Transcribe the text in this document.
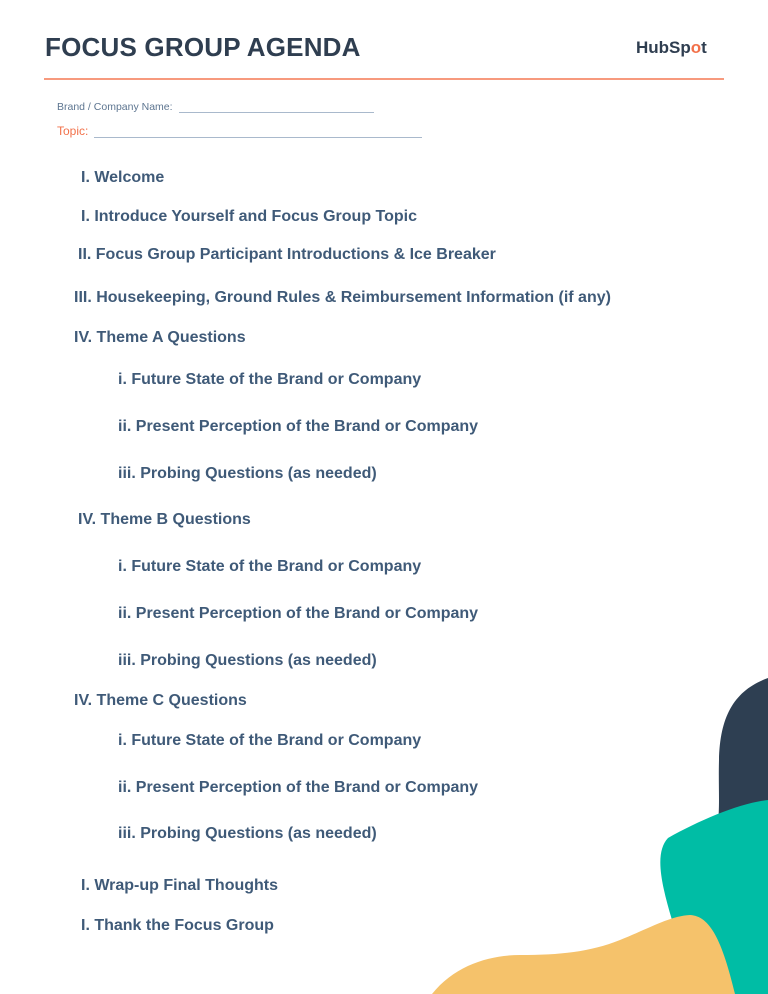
FOCUS GROUP AGENDA	HubSpot
Brand / Company Name:
Topic:
I. Welcome
I. Introduce Yourself and Focus Group Topic
II. Focus Group Participant Introductions & Ice Breaker
III. Housekeeping, Ground Rules & Reimbursement Information (if any)
IV. Theme A Questions
i. Future State of the Brand or Company
ii. Present Perception of the Brand or Company
iii. Probing Questions (as needed)
IV. Theme B Questions
i. Future State of the Brand or Company
ii. Present Perception of the Brand or Company
iii. Probing Questions (as needed)
IV. Theme C Questions
i. Future State of the Brand or Company
ii. Present Perception of the Brand or Company
iii. Probing Questions (as needed)
I. Wrap-up Final Thoughts
I. Thank the Focus Group
